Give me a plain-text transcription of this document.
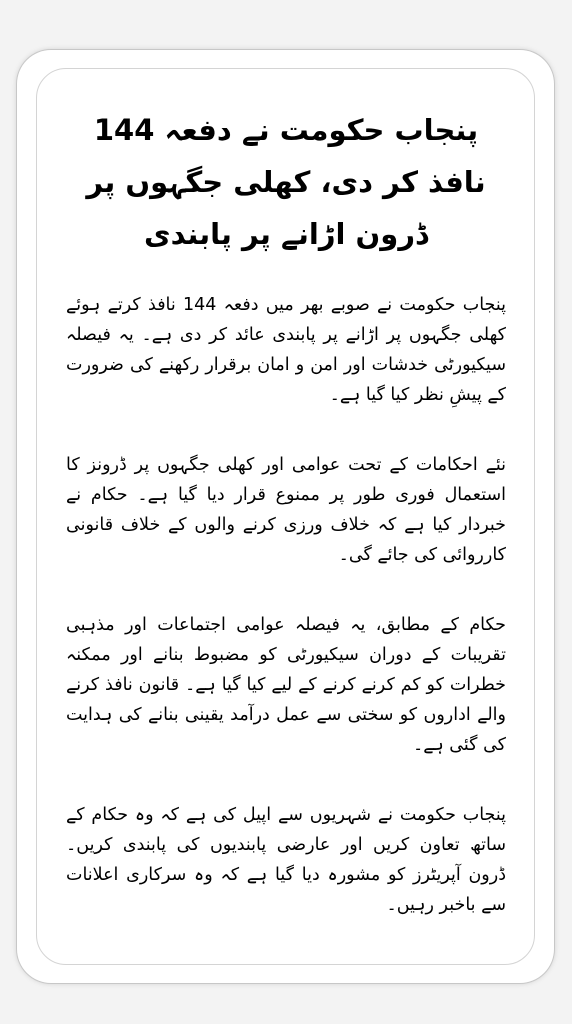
پنجاب حکومت نے دفعہ 144 نافذ کر دی، کھلی جگہوں پر ڈرون اڑانے پر پابندی

پنجاب حکومت نے صوبے بھر میں دفعہ 144 نافذ کرتے ہوئے کھلی جگہوں پر اڑانے پر پابندی عائد کر دی ہے۔ یہ فیصلہ سیکیورٹی خدشات اور امن و امان برقرار رکھنے کی ضرورت کے پیشِ نظر کیا گیا ہے۔

نئے احکامات کے تحت عوامی اور کھلی جگہوں پر ڈرونز کا استعمال فوری طور پر ممنوع قرار دیا گیا ہے۔ حکام نے خبردار کیا ہے کہ خلاف ورزی کرنے والوں کے خلاف قانونی کارروائی کی جائے گی۔

حکام کے مطابق، یہ فیصلہ عوامی اجتماعات اور مذہبی تقریبات کے دوران سیکیورٹی کو مضبوط بنانے اور ممکنہ خطرات کو کم کرنے کرنے کے لیے کیا گیا ہے۔ قانون نافذ کرنے والے اداروں کو سختی سے عمل درآمد یقینی بنانے کی ہدایت کی گئی ہے۔

پنجاب حکومت نے شہریوں سے اپیل کی ہے کہ وہ حکام کے ساتھ تعاون کریں اور عارضی پابندیوں کی پابندی کریں۔ ڈرون آپریٹرز کو مشورہ دیا گیا ہے کہ وہ سرکاری اعلانات سے باخبر رہیں۔
